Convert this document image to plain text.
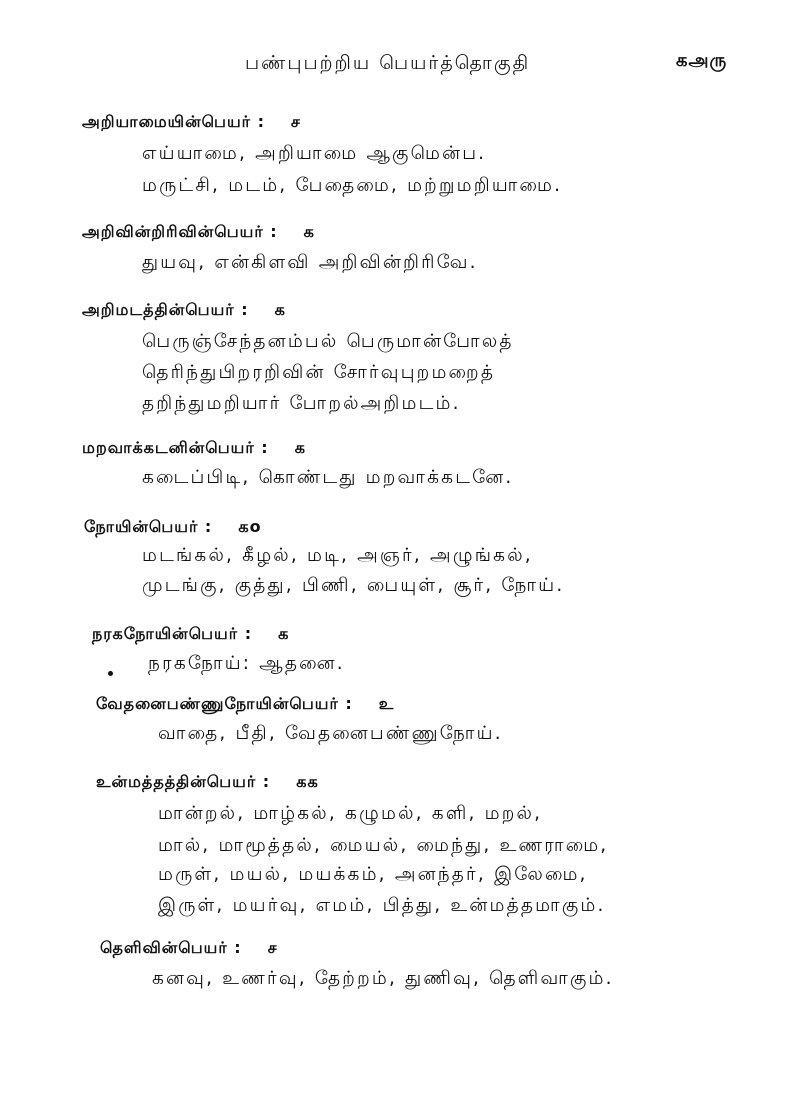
பண்புபற்றிய பெயர்த்தொகுதி	கஅரு
அறியாமையின்பெயர் : ச
எய்யாமை, அறியாமை ஆகுமென்ப.
மருட்சி, மடம், பேதைமை, மற்றுமறியாமை.
அறிவின்றிரிவின்பெயர் : க
துயவு, என்கிளவி அறிவின்றிரிவே.
அறிமடத்தின்பெயர் : க
பெருஞ்சேந்தனம்பல் பெருமான்போலத்
தெரிந்துபிறரறிவின் சோர்வுபுறமறைத்
தறிந்துமறியார் போறல்அறிமடம்.
மறவாக்கடனின்பெயர் : க
கடைப்பிடி, கொண்டது மறவாக்கடனே.
நோயின்பெயர் : கo
மடங்கல், கீழல், மடி, அஞர், அழுங்கல்,
முடங்கு, குத்து, பிணி, பையுள், சூர், நோய்.
நரகநோயின்பெயர் : க
நரகநோய்: ஆதனை.
வேதனைபண்ணுநோயின்பெயர் : உ
வாதை, பீதி, வேதனைபண்ணுநோய்.
உன்மத்தத்தின்பெயர் : கக
மான்றல், மாழ்கல், கழுமல், களி, மறல்,
மால், மாமூத்தல், மையல், மைந்து, உணராமை,
மருள், மயல், மயக்கம், அனந்தர், இலேமை,
இருள், மயர்வு, எமம், பித்து, உன்மத்தமாகும்.
தெளிவின்பெயர் : ச
கனவு, உணர்வு, தேற்றம், துணிவு, தெளிவாகும்.
